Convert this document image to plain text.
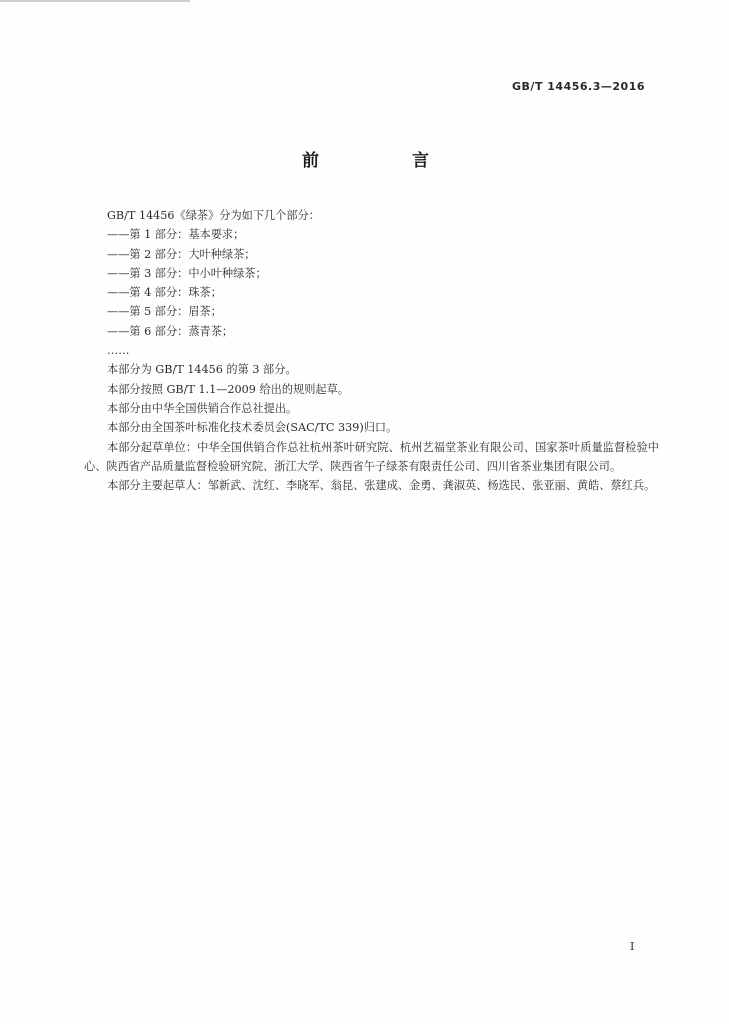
GB/T 14456.3—2016
前　言

GB/T 14456《绿茶》分为如下几个部分：

——第 1 部分：基本要求；

——第 2 部分：大叶种绿茶；

——第 3 部分：中小叶种绿茶；

——第 4 部分：珠茶；

——第 5 部分：眉茶；

——第 6 部分：蒸青茶；

……

本部分为 GB/T 14456 的第 3 部分。

本部分按照 GB/T 1.1—2009 给出的规则起草。

本部分由中华全国供销合作总社提出。

本部分由全国茶叶标准化技术委员会(SAC/TC 339)归口。

本部分起草单位：中华全国供销合作总社杭州茶叶研究院、杭州艺福堂茶业有限公司、国家茶叶质量监督检验中心、陕西省产品质量监督检验研究院、浙江大学、陕西省午子绿茶有限责任公司、四川省茶业集团有限公司。

本部分主要起草人：邹新武、沈红、李晓军、翁昆、张建成、金勇、龚淑英、杨选民、张亚丽、黄皓、蔡红兵。

I
